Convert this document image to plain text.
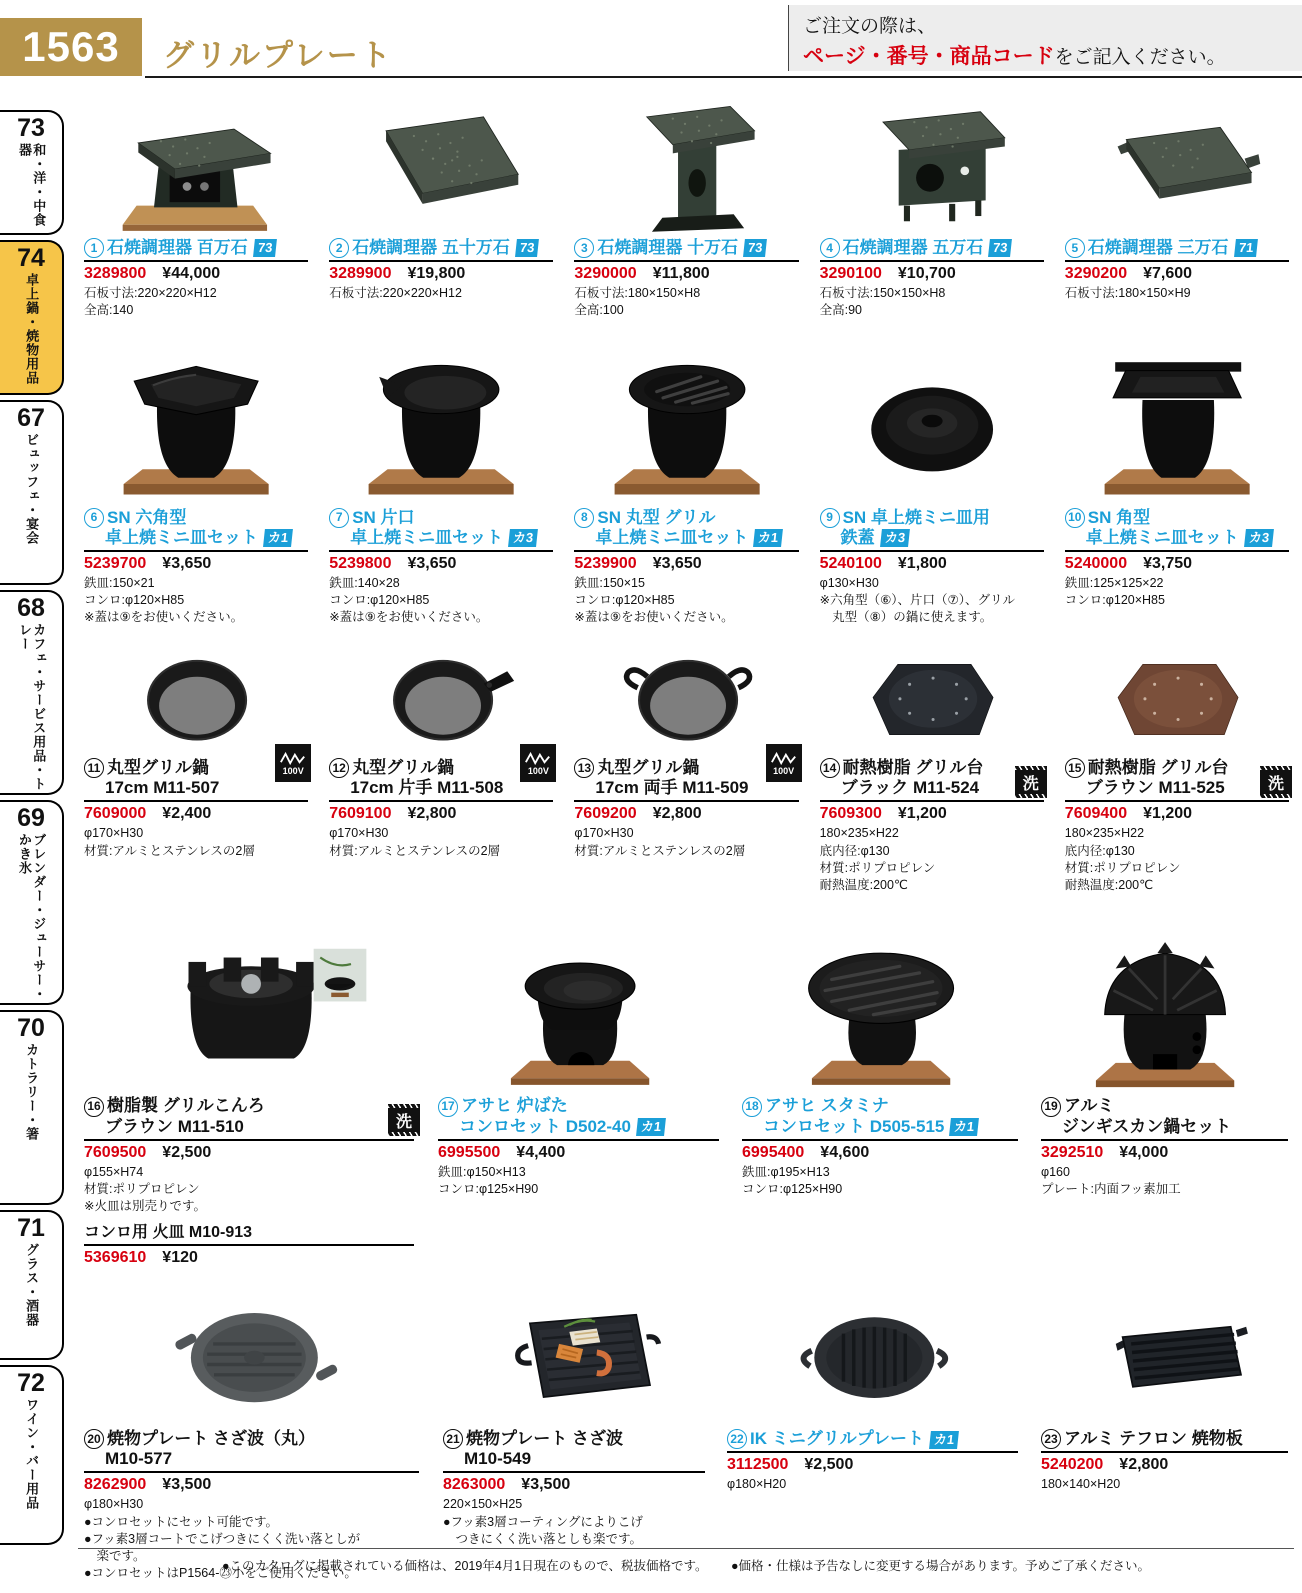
1563 グリルプレート
ご注文の際は、
ページ・番号・商品コードをご記入ください。
73
和・洋・中食器
74
卓上鍋・焼物用品
67
ビュッフェ・宴会
68
カフェ・サービス用品・トレー
69
ブレンダー・ジューサー・かき氷
70
カトラリー・箸
71
グラス・酒器
72
ワイン・バー用品
1 石焼調理器 百万石 73
3289800 ¥44,000
石板寸法:220×220×H12
全高:140
2 石焼調理器 五十万石 73
3289900 ¥19,800
石板寸法:220×220×H12
3 石焼調理器 十万石 73
3290000 ¥11,800
石板寸法:180×150×H8
全高:100
4 石焼調理器 五万石 73
3290100 ¥10,700
石板寸法:150×150×H8
全高:90
5 石焼調理器 三万石 71
3290200 ¥7,600
石板寸法:180×150×H9
6 SN 六角型
卓上焼ミニ皿セット カ1
5239700 ¥3,650
鉄皿:150×21
コンロ:φ120×H85
※蓋は⑨をお使いください。
7 SN 片口
卓上焼ミニ皿セット カ3
5239800 ¥3,650
鉄皿:140×28
コンロ:φ120×H85
※蓋は⑨をお使いください。
8 SN 丸型 グリル
卓上焼ミニ皿セット カ1
5239900 ¥3,650
鉄皿:150×15
コンロ:φ120×H85
※蓋は⑨をお使いください。
9 SN 卓上焼ミニ皿用
鉄蓋 カ3
5240100 ¥1,800
φ130×H30
※六角型（⑥）、片口（⑦）、グリル
　丸型（⑧）の鍋に使えます。
10 SN 角型
卓上焼ミニ皿セット カ3
5240000 ¥3,750
鉄皿:125×125×22
コンロ:φ120×H85
11 丸型グリル鍋
17cm M11-507
100V
7609000 ¥2,400
φ170×H30
材質:アルミとステンレスの2層
12 丸型グリル鍋
17cm 片手 M11-508
100V
7609100 ¥2,800
φ170×H30
材質:アルミとステンレスの2層
13 丸型グリル鍋
17cm 両手 M11-509
100V
7609200 ¥2,800
φ170×H30
材質:アルミとステンレスの2層
14 耐熱樹脂 グリル台
ブラック M11-524	洗
7609300 ¥1,200
180×235×H22
底内径:φ130
材質:ポリプロピレン
耐熱温度:200℃
15 耐熱樹脂 グリル台
ブラウン M11-525	洗
7609400 ¥1,200
180×235×H22
底内径:φ130
材質:ポリプロピレン
耐熱温度:200℃
16 樹脂製 グリルこんろ
ブラウン M11-510	洗
7609500 ¥2,500
φ155×H74
材質:ポリプロピレン
※火皿は別売りです。
コンロ用 火皿 M10-913
5369610 ¥120
17 アサヒ 炉ばた
コンロセット D502-40 カ1
6995500 ¥4,400
鉄皿:φ150×H13
コンロ:φ125×H90
18 アサヒ スタミナ
コンロセット D505-515 カ1
6995400 ¥4,600
鉄皿:φ195×H13
コンロ:φ125×H90
19 アルミ
ジンギスカン鍋セット
3292510 ¥4,000
φ160
プレート:内面フッ素加工
20 焼物プレート さざ波（丸）
M10-577
8262900 ¥3,500
φ180×H30
●コンロセットにセット可能です。
●フッ素3層コートでこげつきにくく洗い落としが
　楽です。
●コンロセットはP1564-㉓小をご使用ください。
21 焼物プレート さざ波
M10-549
8263000 ¥3,500
220×150×H25
●フッ素3層コーティングによりこげ
　つきにくく洗い落としも楽です。
22 IK ミニグリルプレート カ1
3112500 ¥2,500
φ180×H20
23 アルミ テフロン 焼物板
5240200 ¥2,800
180×140×H20
●このカタログに掲載されている価格は、2019年4月1日現在のもので、税抜価格です。 ●価格・仕様は予告なしに変更する場合があります。予めご了承ください。
